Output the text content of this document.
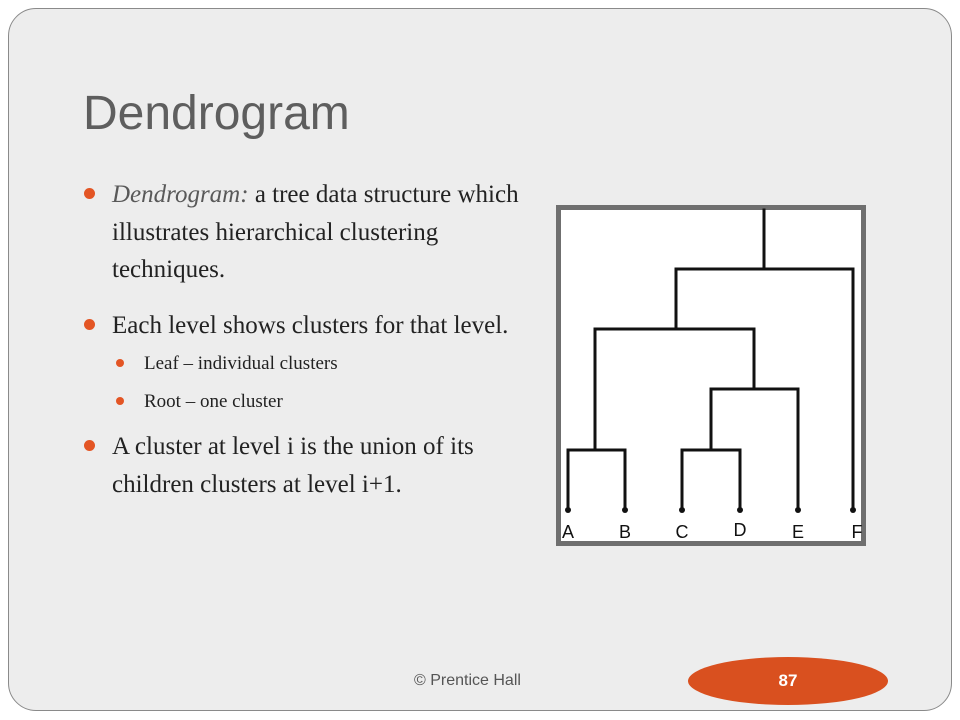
Dendrogram
Dendrogram: a tree data structure which illustrates hierarchical clustering techniques.
Each level shows clusters for that level.
Leaf – individual clusters
Root – one cluster
A cluster at level i is the union of its children clusters at level i+1.
A B C	D	E	F
© Prentice Hall	87
